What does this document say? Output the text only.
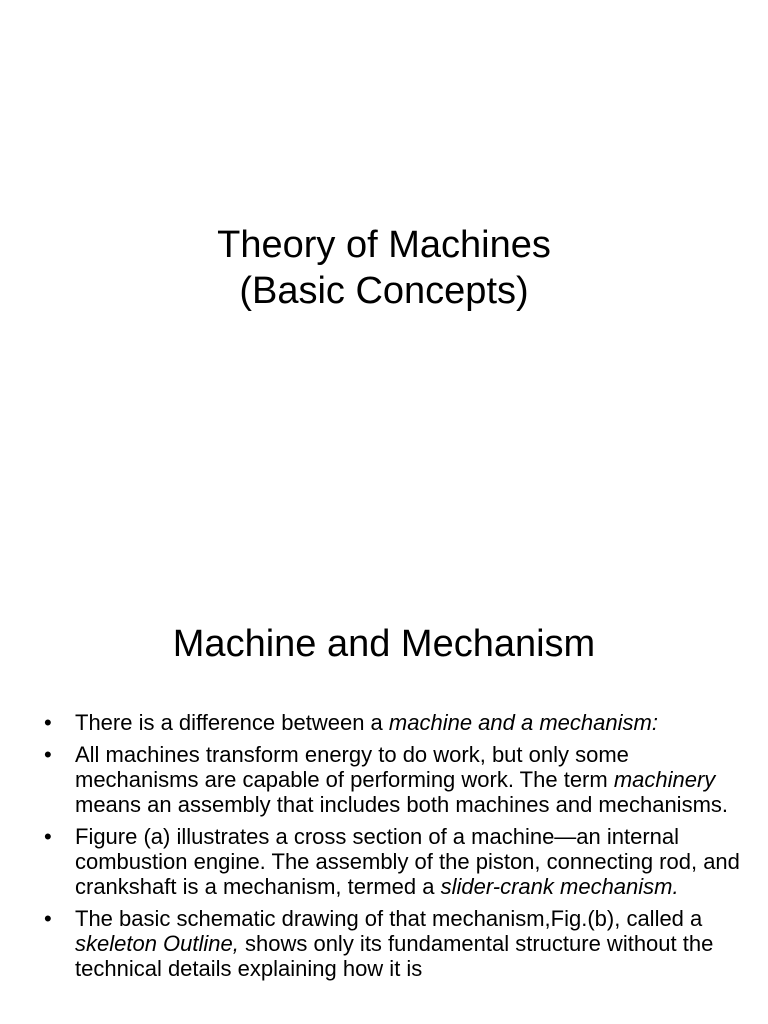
Theory of Machines
(Basic Concepts)
Machine and Mechanism
•	There is a difference between a machine and a mechanism:
•	All machines transform energy to do work, but only some mechanisms are capable of performing work. The term machinery means an assembly that includes both machines and mechanisms.
•	Figure (a) illustrates a cross section of a machine—an internal combustion engine. The assembly of the piston, connecting rod, and crankshaft is a mechanism, termed a slider-crank mechanism.
•	The basic schematic drawing of that mechanism,Fig.(b), called a skeleton Outline, shows only its fundamental structure without the technical details explaining how it is
